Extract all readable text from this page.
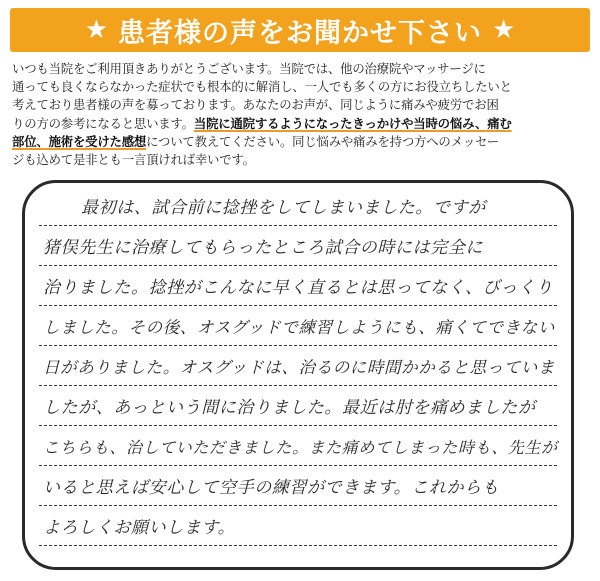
★ 患者様の声をお聞かせ下さい ★
いつも当院をご利用頂きありがとうございます。当院では、他の治療院やマッサージに
通っても良くならなかった症状でも根本的に解消し、一人でも多くの方にお役立ちしたいと
考えており患者様の声を募っております。あなたのお声が、同じように痛みや疲労でお困
りの方の参考になると思います。当院に通院するようになったきっかけや当時の悩み、痛む
部位、施術を受けた感想について教えてください。同じ悩みや痛みを持つ方へのメッセー
ジも込めて是非とも一言頂ければ幸いです。
最初は、試合前に捻挫をしてしまいました。ですが
猪俣先生に治療してもらったところ試合の時には完全に
治りました。捻挫がこんなに早く直るとは思ってなく、びっくり
しました。その後、オスグッドで練習しようにも、痛くてできない
日がありました。オスグッドは、治るのに時間かかると思っていま
したが、あっという間に治りました。最近は肘を痛めましたが
こちらも、治していただきました。また痛めてしまった時も、先生が
いると思えば安心して空手の練習ができます。これからも
よろしくお願いします。
